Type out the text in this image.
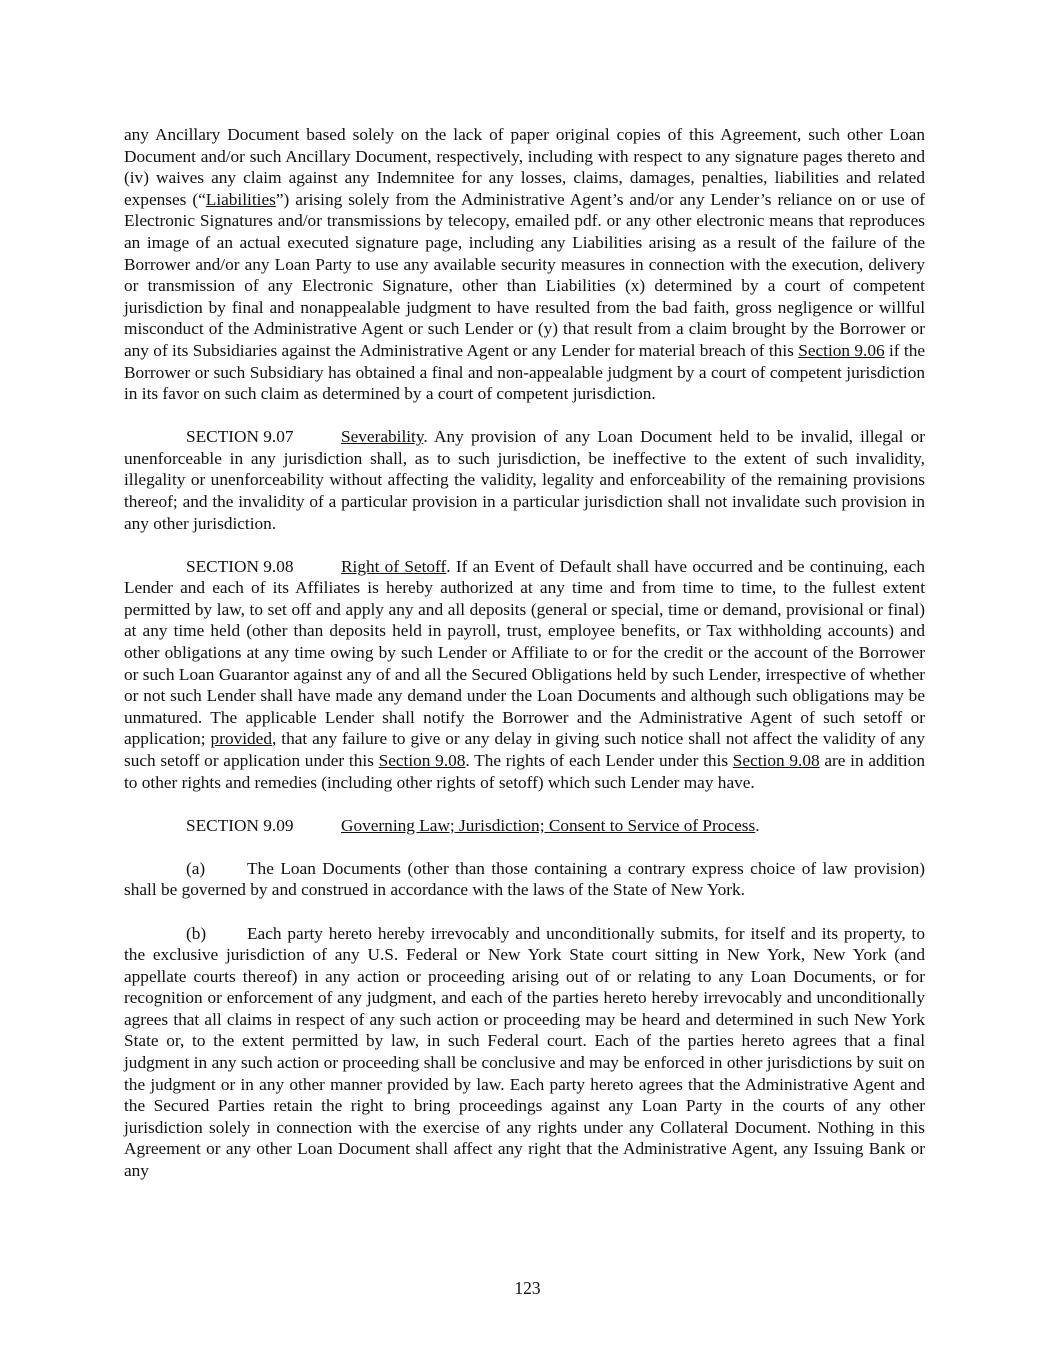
any Ancillary Document based solely on the lack of paper original copies of this Agreement, such other Loan Document and/or such Ancillary Document, respectively, including with respect to any signature pages thereto and (iv) waives any claim against any Indemnitee for any losses, claims, damages, penalties, liabilities and related expenses (“Liabilities”) arising solely from the Administrative Agent’s and/or any Lender’s reliance on or use of Electronic Signatures and/or transmissions by telecopy, emailed pdf. or any other electronic means that reproduces an image of an actual executed signature page, including any Liabilities arising as a result of the failure of the Borrower and/or any Loan Party to use any available security measures in connection with the execution, delivery or transmission of any Electronic Signature, other than Liabilities (x) determined by a court of competent jurisdiction by final and nonappealable judgment to have resulted from the bad faith, gross negligence or willful misconduct of the Administrative Agent or such Lender or (y) that result from a claim brought by the Borrower or any of its Subsidiaries against the Administrative Agent or any Lender for material breach of this Section 9.06 if the Borrower or such Subsidiary has obtained a final and non-appealable judgment by a court of competent jurisdiction in its favor on such claim as determined by a court of competent jurisdiction.

SECTION 9.07	Severability. Any provision of any Loan Document held to be invalid, illegal or unenforceable in any jurisdiction shall, as to such jurisdiction, be ineffective to the extent of such invalidity, illegality or unenforceability without affecting the validity, legality and enforceability of the remaining provisions thereof; and the invalidity of a particular provision in a particular jurisdiction shall not invalidate such provision in any other jurisdiction.

SECTION 9.08	Right of Setoff. If an Event of Default shall have occurred and be continuing, each Lender and each of its Affiliates is hereby authorized at any time and from time to time, to the fullest extent permitted by law, to set off and apply any and all deposits (general or special, time or demand, provisional or final) at any time held (other than deposits held in payroll, trust, employee benefits, or Tax withholding accounts) and other obligations at any time owing by such Lender or Affiliate to or for the credit or the account of the Borrower or such Loan Guarantor against any of and all the Secured Obligations held by such Lender, irrespective of whether or not such Lender shall have made any demand under the Loan Documents and although such obligations may be unmatured. The applicable Lender shall notify the Borrower and the Administrative Agent of such setoff or application; provided, that any failure to give or any delay in giving such notice shall not affect the validity of any such setoff or application under this Section 9.08. The rights of each Lender under this Section 9.08 are in addition to other rights and remedies (including other rights of setoff) which such Lender may have.

SECTION 9.09	Governing Law; Jurisdiction; Consent to Service of Process.

(a) The Loan Documents (other than those containing a contrary express choice of law provision) shall be governed by and construed in accordance with the laws of the State of New York.

(b) Each party hereto hereby irrevocably and unconditionally submits, for itself and its property, to the exclusive jurisdiction of any U.S. Federal or New York State court sitting in New York, New York (and appellate courts thereof) in any action or proceeding arising out of or relating to any Loan Documents, or for recognition or enforcement of any judgment, and each of the parties hereto hereby irrevocably and unconditionally agrees that all claims in respect of any such action or proceeding may be heard and determined in such New York State or, to the extent permitted by law, in such Federal court. Each of the parties hereto agrees that a final judgment in any such action or proceeding shall be conclusive and may be enforced in other jurisdictions by suit on the judgment or in any other manner provided by law. Each party hereto agrees that the Administrative Agent and the Secured Parties retain the right to bring proceedings against any Loan Party in the courts of any other jurisdiction solely in connection with the exercise of any rights under any Collateral Document. Nothing in this Agreement or any other Loan Document shall affect any right that the Administrative Agent, any Issuing Bank or any

123
